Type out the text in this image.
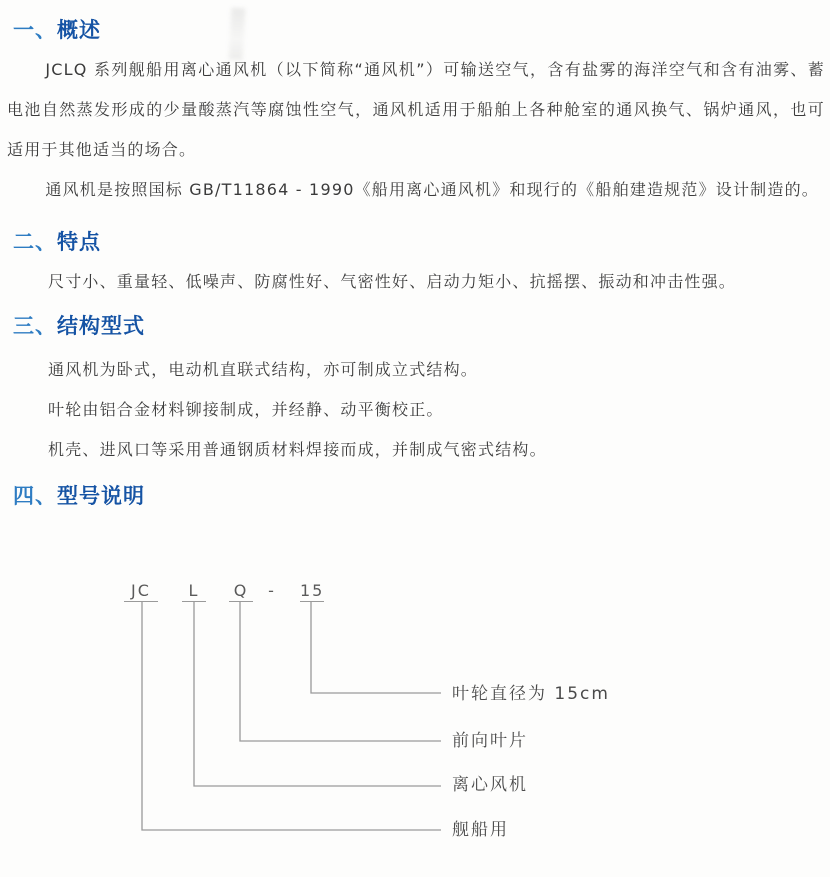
一、概述
JCLQ 系列舰船用离心通风机（以下简称“通风机”）可输送空气，含有盐雾的海洋空气和含有油雾、蓄电池自然蒸发形成的少量酸蒸汽等腐蚀性空气，通风机适用于船舶上各种舱室的通风换气、锅炉通风，也可适用于其他适当的场合。
通风机是按照国标 GB/T11864 - 1990《船用离心通风机》和现行的《船舶建造规范》设计制造的。
二、特点
尺寸小、重量轻、低噪声、防腐性好、气密性好、启动力矩小、抗摇摆、振动和冲击性强。
三、结构型式
通风机为卧式，电动机直联式结构，亦可制成立式结构。
叶轮由铝合金材料铆接制成，并经静、动平衡校正。
机壳、进风口等采用普通钢质材料焊接而成，并制成气密式结构。
四、型号说明
JC	L	Q	-	15
叶轮直径为 15cm
前向叶片
离心风机
舰船用
